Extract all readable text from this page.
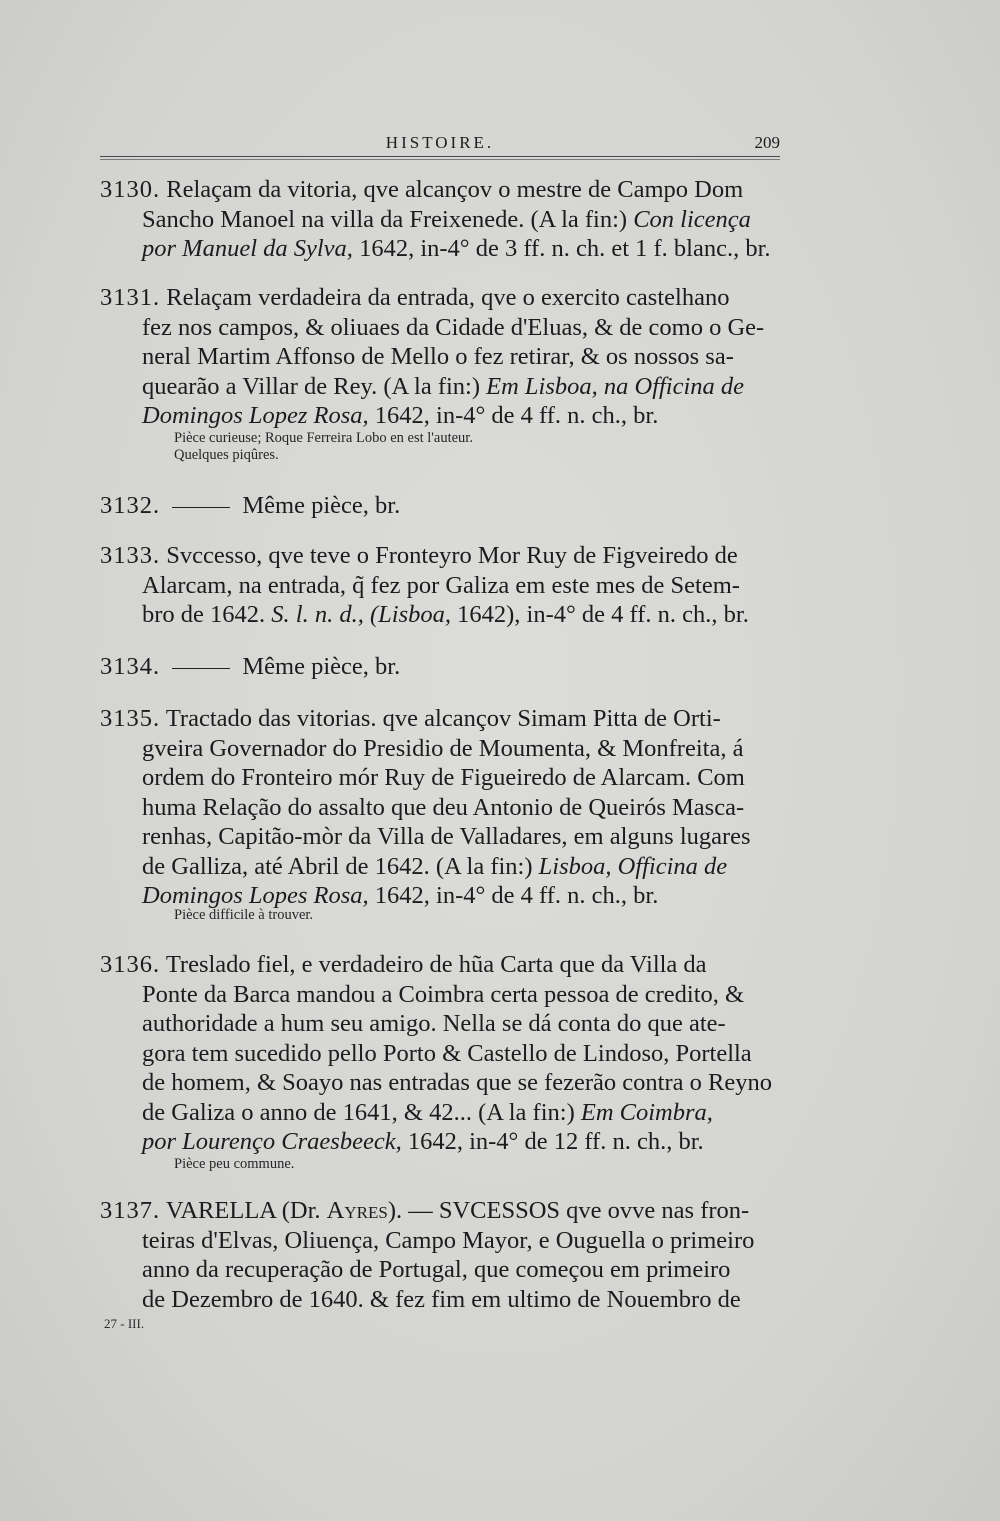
HISTOIRE.	209
3130. Relaçam da vitoria, qve alcançov o mestre de Campo Dom
Sancho Manoel na villa da Freixenede. (A la fin:) Con licença
por Manuel da Sylva, 1642, in-4° de 3 ff. n. ch. et 1 f. blanc., br.
3131. Relaçam verdadeira da entrada, qve o exercito castelhano
fez nos campos, & oliuaes da Cidade d'Eluas, & de como o Ge-
neral Martim Affonso de Mello o fez retirar, & os nossos sa-
quearão a Villar de Rey. (A la fin:) Em Lisboa, na Officina de
Domingos Lopez Rosa, 1642, in-4° de 4 ff. n. ch., br.
Pièce curieuse; Roque Ferreira Lobo en est l'auteur.
Quelques piqûres.
3132.	Même pièce, br.
3133. Svccesso, qve teve o Fronteyro Mor Ruy de Figveiredo de
Alarcam, na entrada, q̃ fez por Galiza em este mes de Setem-
bro de 1642. S. l. n. d., (Lisboa, 1642), in-4° de 4 ff. n. ch., br.
3134.	Même pièce, br.
3135. Tractado das vitorias. qve alcançov Simam Pitta de Orti-
gveira Governador do Presidio de Moumenta, & Monfreita, á
ordem do Fronteiro mór Ruy de Figueiredo de Alarcam. Com
huma Relação do assalto que deu Antonio de Queirós Masca-
renhas, Capitão-mòr da Villa de Valladares, em alguns lugares
de Galliza, até Abril de 1642. (A la fin:) Lisboa, Officina de
Domingos Lopes Rosa, 1642, in-4° de 4 ff. n. ch., br.
Pièce difficile à trouver.
3136. Treslado fiel, e verdadeiro de hũa Carta que da Villa da
Ponte da Barca mandou a Coimbra certa pessoa de credito, &
authoridade a hum seu amigo. Nella se dá conta do que ate-
gora tem sucedido pello Porto & Castello de Lindoso, Portella
de homem, & Soayo nas entradas que se fezerão contra o Reyno
de Galiza o anno de 1641, & 42... (A la fin:) Em Coimbra,
por Lourenço Craesbeeck, 1642, in-4° de 12 ff. n. ch., br.
Pièce peu commune.
3137. VARELLA (Dr. Ayres). — SVCESSOS qve ovve nas fron-
teiras d'Elvas, Oliuença, Campo Mayor, e Ouguella o primeiro
anno da recuperação de Portugal, que começou em primeiro
de Dezembro de 1640. & fez fim em ultimo de Nouembro de
27 - III.
